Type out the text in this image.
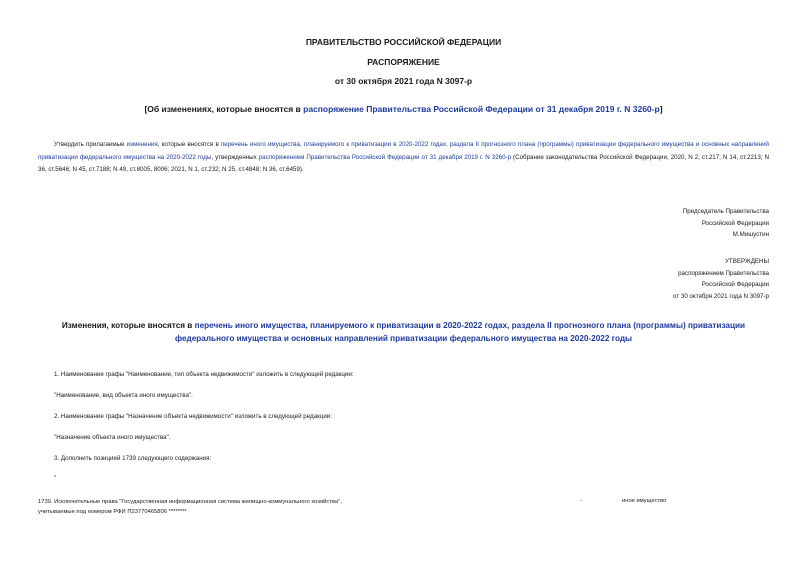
ПРАВИТЕЛЬСТВО РОССИЙСКОЙ ФЕДЕРАЦИИ
РАСПОРЯЖЕНИЕ
от 30 октября 2021 года N 3097-р
[Об изменениях, которые вносятся в распоряжение Правительства Российской Федерации от 31 декабря 2019 г. N 3260-р]
Утвердить прилагаемые изменения, которые вносятся в перечень иного имущества, планируемого к приватизации в 2020-2022 годах, раздела II прогнозного плана (программы) приватизации федерального имущества и основных направлений приватизации федерального имущества на 2020-2022 годы, утвержденных распоряжением Правительства Российской Федерации от 31 декабря 2019 г. N 3260-р (Собрание законодательства Российской Федерации, 2020, N 2, ст.217; N 14, ст.2213; N 36, ст.5646; N 45, ст.7188; N 49, ст.8005, 8006; 2021, N 1, ст.232; N 25, ст.4848; N 36, ст.6459).
Председатель Правительства
Российской Федерации
М.Мишустин
УТВЕРЖДЕНЫ
распоряжением Правительства
Российской Федерации
от 30 октября 2021 года N 3097-р
Изменения, которые вносятся в перечень иного имущества, планируемого к приватизации в 2020-2022 годах, раздела II прогнозного плана (программы) приватизации федерального имущества и основных направлений приватизации федерального имущества на 2020-2022 годы
1. Наименование графы "Наименование, тип объекта недвижимости" изложить в следующей редакции:
"Наименование, вид объекта иного имущества".
2. Наименование графы "Назначение объекта недвижимости" изложить в следующей редакции:
"Назначение объекта иного имущества".
3. Дополнить позицией 1739 следующего содержания:
"
1739. Исключительные права "Государственная информационная система жилищно-коммунального хозяйства",
учитываемые под номером РФИ П23770465806 ********
-	иное имущество
